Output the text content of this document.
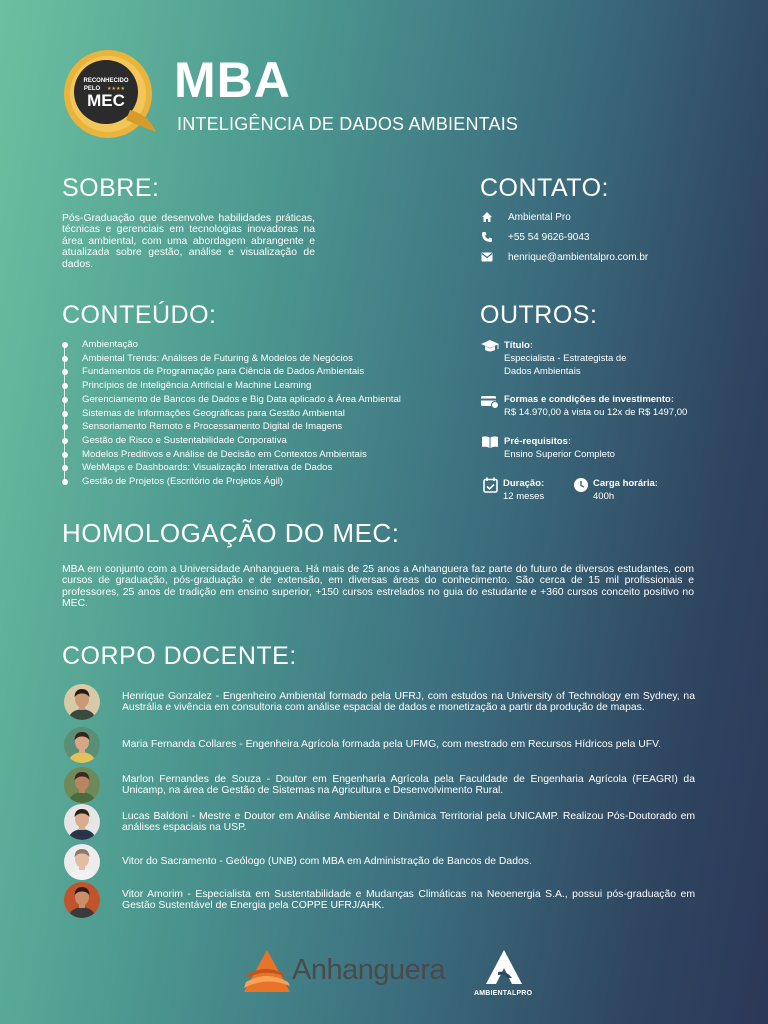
RECONHECIDO
PELO ★★★★
MEC MBA
INTELIGÊNCIA DE DADOS AMBIENTAIS
SOBRE:
Pós-Graduação que desenvolve habilidades práticas, técnicas e gerenciais em tecnologias inovadoras na área ambiental, com uma abordagem abrangente e atualizada sobre gestão, análise e visualização de dados.
CONTATO:
Ambiental Pro
+55 54 9626-9043
henrique@ambientalpro.com.br
CONTEÚDO:
Ambientação
Ambiental Trends: Análises de Futuring & Modelos de Negócios
Fundamentos de Programação para Ciência de Dados Ambientais
Princípios de Inteligência Artificial e Machine Learning
Gerenciamento de Bancos de Dados e Big Data aplicado à Área Ambiental
Sistemas de Informações Geográficas para Gestão Ambiental
Sensoriamento Remoto e Processamento Digital de Imagens
Gestão de Risco e Sustentabilidade Corporativa
Modelos Preditivos e Análise de Decisão em Contextos Ambientais
WebMaps e Dashboards: Visualização Interativa de Dados
Gestão de Projetos (Escritório de Projetos Ágil)
OUTROS:
Título:
Especialista - Estrategista de
Dados Ambientais
Formas e condições de investimento:
R$ 14.970,00 à vista ou 12x de R$ 1497,00
Pré-requisitos:
Ensino Superior Completo
Duração:
12 meses
Carga horária:
400h
HOMOLOGAÇÃO DO MEC:
MBA em conjunto com a Universidade Anhanguera. Há mais de 25 anos a Anhanguera faz parte do futuro de diversos estudantes, com cursos de graduação, pós-graduação e de extensão, em diversas áreas do conhecimento. São cerca de 15 mil profissionais e professores, 25 anos de tradição em ensino superior, +150 cursos estrelados no guia do estudante e +360 cursos conceito positivo no MEC.
CORPO DOCENTE:
Henrique Gonzalez - Engenheiro Ambiental formado pela UFRJ, com estudos na University of Technology em Sydney, na Austrália e vivência em consultoria com análise espacial de dados e monetização a partir da produção de mapas.
Maria Fernanda Collares - Engenheira Agrícola formada pela UFMG, com mestrado em Recursos Hídricos pela UFV.
Marlon Fernandes de Souza - Doutor em Engenharia Agrícola pela Faculdade de Engenharia Agrícola (FEAGRI) da Unicamp, na área de Gestão de Sistemas na Agricultura e Desenvolvimento Rural.
Lucas Baldoni - Mestre e Doutor em Análise Ambiental e Dinâmica Territorial pela UNICAMP. Realizou Pós-Doutorado em análises espaciais na USP.
Vitor do Sacramento - Geólogo (UNB) com MBA em Administração de Bancos de Dados.
Vitor Amorim - Especialista em Sustentabilidade e Mudanças Climáticas na Neoenergia S.A., possui pós-graduação em Gestão Sustentável de Energia pela COPPE UFRJ/AHK.
Anhanguera
AMBIENTALPRO
